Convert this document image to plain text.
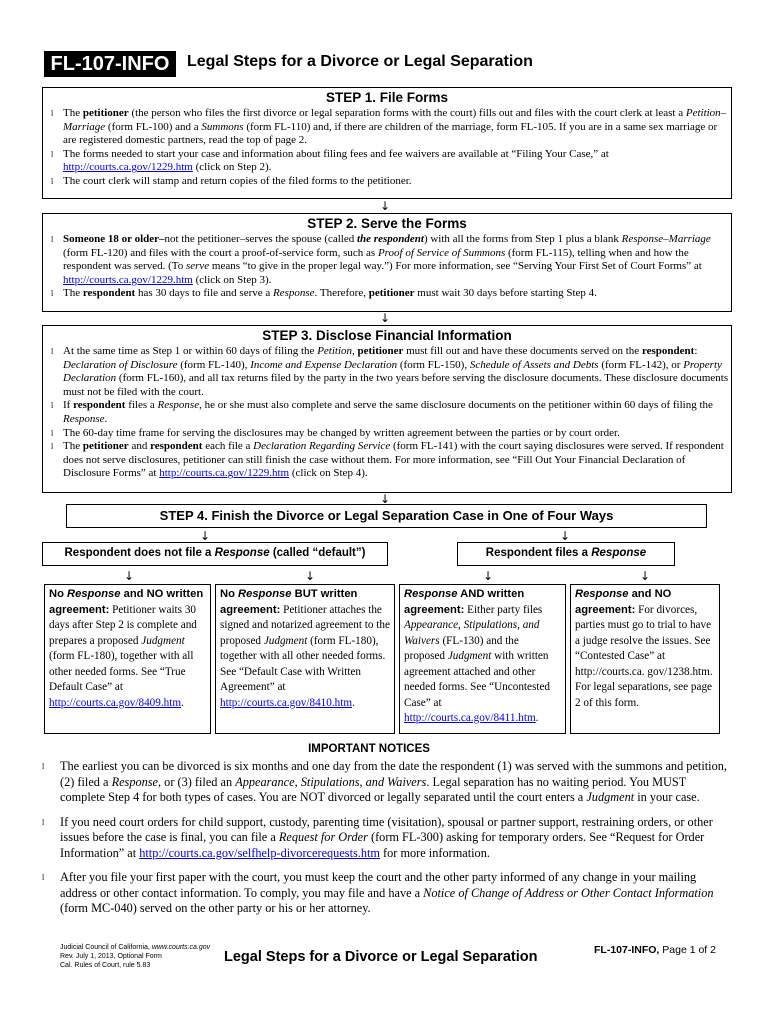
FL-107-INFO	Legal Steps for a Divorce or Legal Separation
STEP 1. File Forms
l The petitioner (the person who files the first divorce or legal separation forms with the court) fills out and files with the court clerk at least a Petition–Marriage (form FL-100) and a Summons (form FL-110) and, if there are children of the marriage, form FL-105. If you are in a same sex marriage or are registered domestic partners, read the top of page 2.
l The forms needed to start your case and information about filing fees and fee waivers are available at “Filing Your Case,” at http://courts.ca.gov/1229.htm (click on Step 2).
l The court clerk will stamp and return copies of the filed forms to the petitioner.
↓
STEP 2. Serve the Forms
l Someone 18 or older–not the petitioner–serves the spouse (called the respondent) with all the forms from Step 1 plus a blank Response–Marriage (form FL-120) and files with the court a proof-of-service form, such as Proof of Service of Summons (form FL-115), telling when and how the respondent was served. (To serve means “to give in the proper legal way.”) For more information, see “Serving Your First Set of Court Forms” at http://courts.ca.gov/1229.htm (click on Step 3).
l The respondent has 30 days to file and serve a Response. Therefore, petitioner must wait 30 days before starting Step 4.
↓
STEP 3. Disclose Financial Information
l At the same time as Step 1 or within 60 days of filing the Petition, petitioner must fill out and have these documents served on the respondent: Declaration of Disclosure (form FL-140), Income and Expense Declaration (form FL-150), Schedule of Assets and Debts (form FL-142), or Property Declaration (form FL-160), and all tax returns filed by the party in the two years before serving the disclosure documents. These disclosure documents must not be filed with the court.
l If respondent files a Response, he or she must also complete and serve the same disclosure documents on the petitioner within 60 days of filing the Response.
l The 60-day time frame for serving the disclosures may be changed by written agreement between the parties or by court order.
l The petitioner and respondent each file a Declaration Regarding Service (form FL-141) with the court saying disclosures were served. If respondent does not serve disclosures, petitioner can still finish the case without them. For more information, see “Fill Out Your Financial Declaration of Disclosure Forms” at http://courts.ca.gov/1229.htm (click on Step 4).
↓
STEP 4. Finish the Divorce or Legal Separation Case in One of Four Ways
↓	↓
Respondent does not file a Response (called “default”)	Respondent files a Response
↓	↓	↓	↓
No Response and NO written agreement: Petitioner waits 30 days after Step 2 is complete and prepares a proposed Judgment (form FL-180), together with all other needed forms. See “True Default Case” at http://courts.ca.gov/8409.htm.
No Response BUT written agreement: Petitioner attaches the signed and notarized agreement to the proposed Judgment (form FL-180), together with all other needed forms. See “Default Case with Written Agreement” at http://courts.ca.gov/8410.htm.
Response AND written agreement: Either party files Appearance, Stipulations, and Waivers (FL-130) and the proposed Judgment with written agreement attached and other needed forms. See “Uncontested Case” at http://courts.ca.gov/8411.htm.
Response and NO agreement: For divorces, parties must go to trial to have a judge resolve the issues. See “Contested Case” at http://courts.ca. gov/1238.htm. For legal separations, see page 2 of this form.
IMPORTANT NOTICES
l The earliest you can be divorced is six months and one day from the date the respondent (1) was served with the summons and petition, (2) filed a Response, or (3) filed an Appearance, Stipulations, and Waivers. Legal separation has no waiting period. You MUST complete Step 4 for both types of cases. You are NOT divorced or legally separated until the court enters a Judgment in your case.
l If you need court orders for child support, custody, parenting time (visitation), spousal or partner support, restraining orders, or other issues before the case is final, you can file a Request for Order (form FL-300) asking for temporary orders. See “Request for Order Information” at http://courts.ca.gov/selfhelp-divorcerequests.htm for more information.
l After you file your first paper with the court, you must keep the court and the other party informed of any change in your mailing address or other contact information. To comply, you may file and have a Notice of Change of Address or Other Contact Information (form MC-040) served on the other party or his or her attorney.
Judicial Council of California, www.courts.ca.gov
Rev. July 1, 2013, Optional Form
Cal. Rules of Court, rule 5.83
Legal Steps for a Divorce or Legal Separation	FL-107-INFO, Page 1 of 2
